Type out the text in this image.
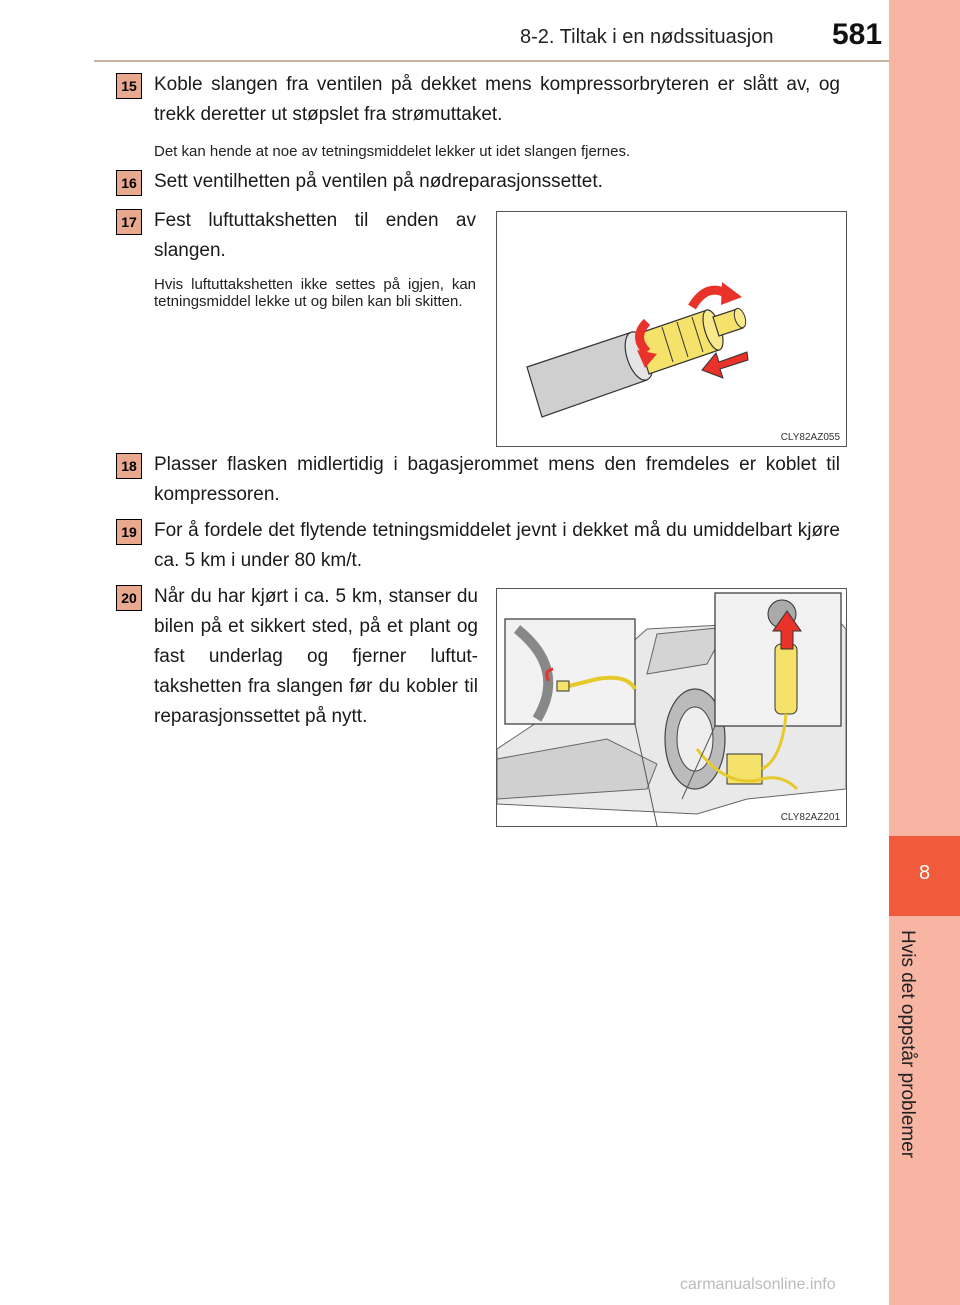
8-2. Tiltak i en nødssituasjon 581
8
Hvis det oppstår problemer
15 Koble slangen fra ventilen på dekket mens kompressorbryteren er slått av, og trekk deretter ut støpslet fra strømuttaket.
Det kan hende at noe av tetningsmiddelet lekker ut idet slangen fjernes.
16 Sett ventilhetten på ventilen på nødreparasjonssettet.
17 Fest luftuttakshetten til enden av slangen.
Hvis luftuttakshetten ikke settes på igjen, kan tetningsmiddel lekke ut og bilen kan bli skitten.
CLY82AZ055
18 Plasser flasken midlertidig i bagasjerommet mens den fremdeles er koblet til kompressoren.
19 For å fordele det flytende tetningsmiddelet jevnt i dekket må du umiddelbart kjøre ca. 5 km i under 80 km/t.
20 Når du har kjørt i ca. 5 km, stanser du bilen på et sikkert sted, på et plant og fast underlag og fjerner luftut-takshetten fra slangen før du kobler til reparasjonssettet på nytt.
CLY82AZ201
carmanualsonline.info
